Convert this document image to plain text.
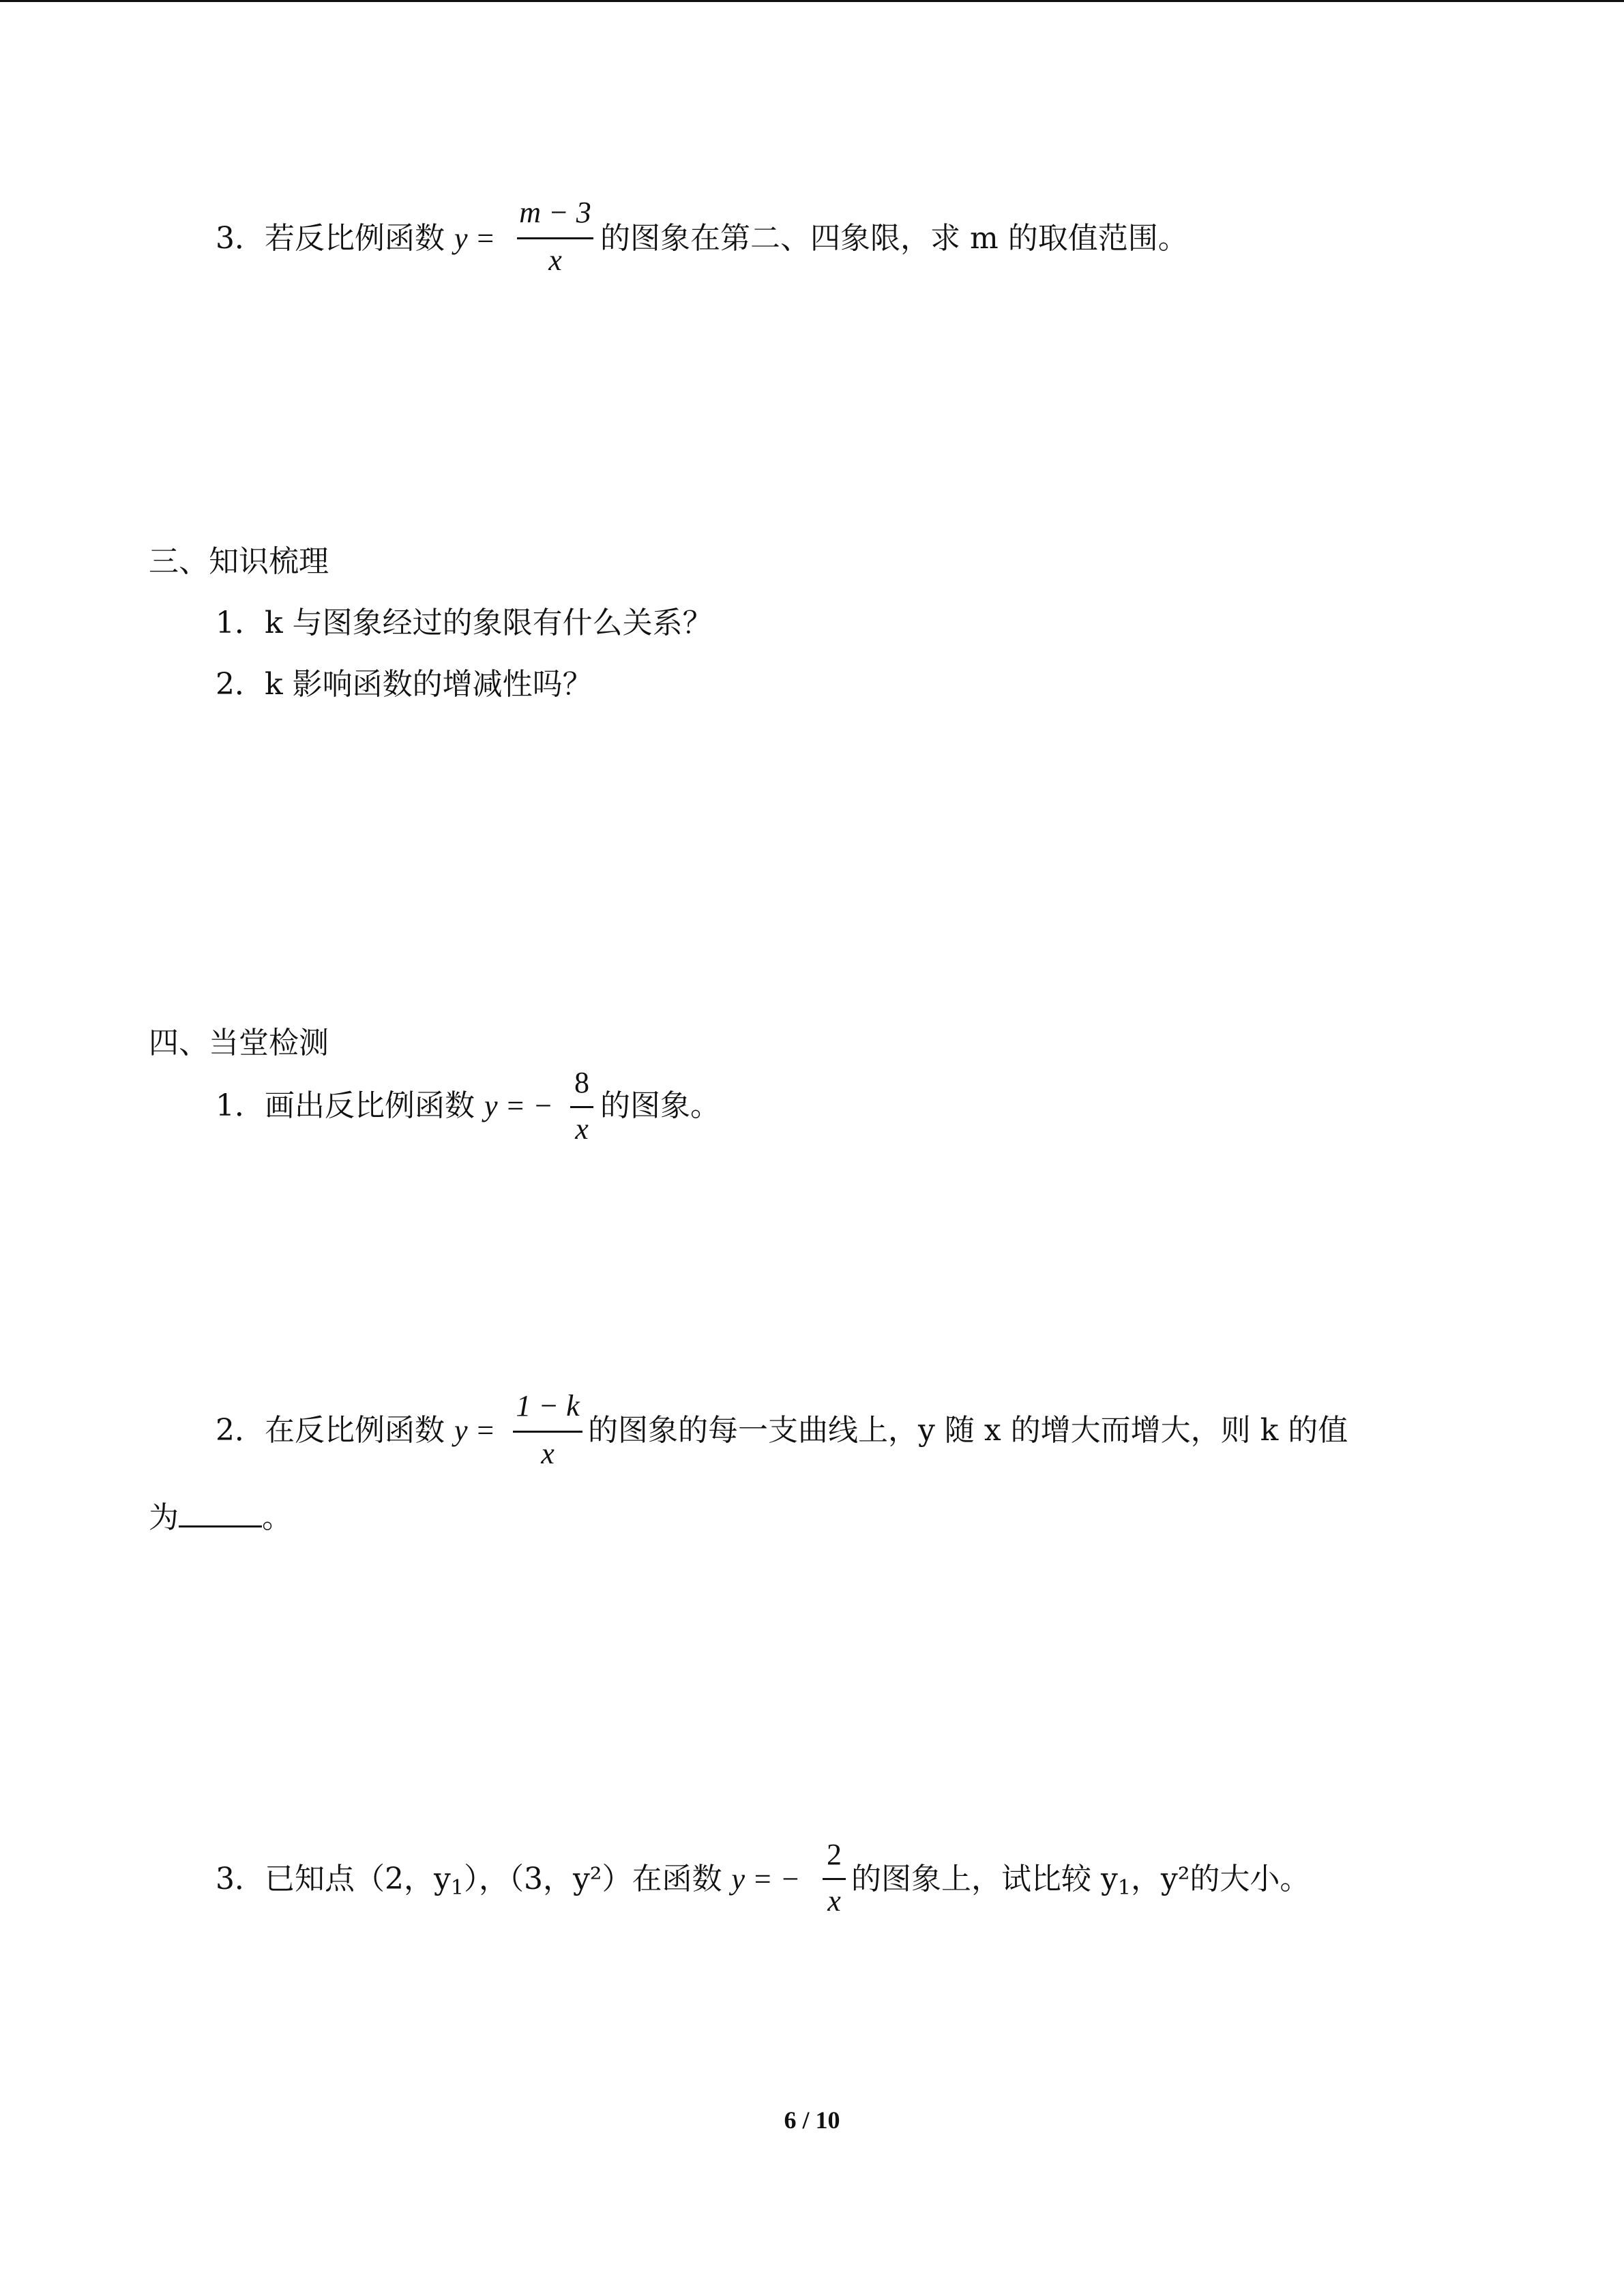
3．若反比例函数 y =
m − 3
x
的图象在第二、四象限，求 m 的取值范围。
三、知识梳理
1．k 与图象经过的象限有什么关系？
2．k 影响函数的增减性吗？
四、当堂检测
1．画出反比例函数 y = −
8
x
的图象。
2．在反比例函数 y =
1 − k
x
的图象的每一支曲线上，y 随 x 的增大而增大，则 k 的值
为	。
3．已知点（2，y1），（3，y²）在函数 y = −
2
x
的图象上，试比较 y1，y²的大小。
6 / 10
